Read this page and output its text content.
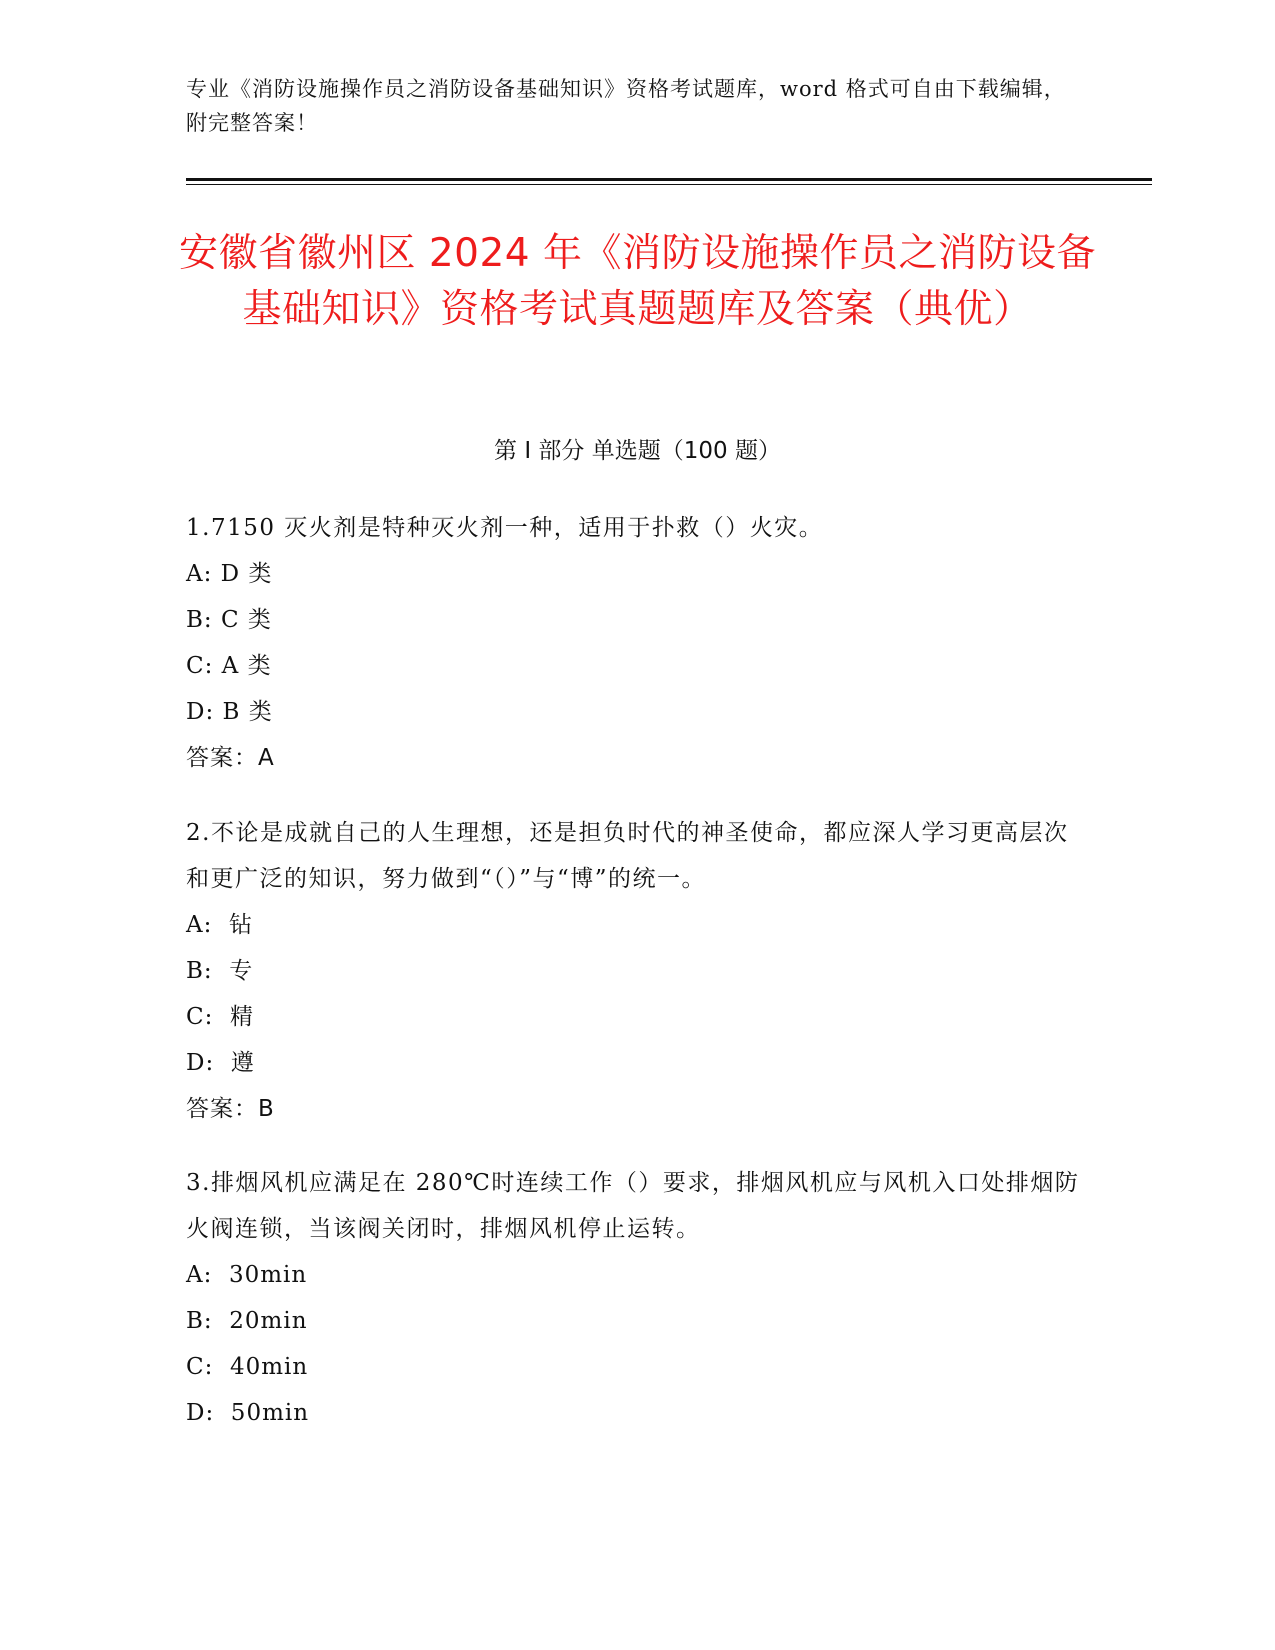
专业《消防设施操作员之消防设备基础知识》资格考试题库，word 格式可自由下载编辑，附完整答案！
安徽省徽州区 2024 年《消防设施操作员之消防设备基础知识》资格考试真题题库及答案（典优）
第 I 部分 单选题（100 题）

1.7150 灭火剂是特种灭火剂一种，适用于扑救（）火灾。

A: D 类

B: C 类

C: A 类

D: B 类

答案：A

2.不论是成就自己的人生理想，还是担负时代的神圣使命，都应深人学习更高层次和更广泛的知识，努力做到“（）”与“博”的统一。

A:  钻

B:  专

C:  精

D:  遵

答案：B

3.排烟风机应满足在 280℃时连续工作（）要求，排烟风机应与风机入口处排烟防火阀连锁，当该阀关闭时，排烟风机停止运转。

A:  30min

B:  20min

C:  40min

D:  50min
